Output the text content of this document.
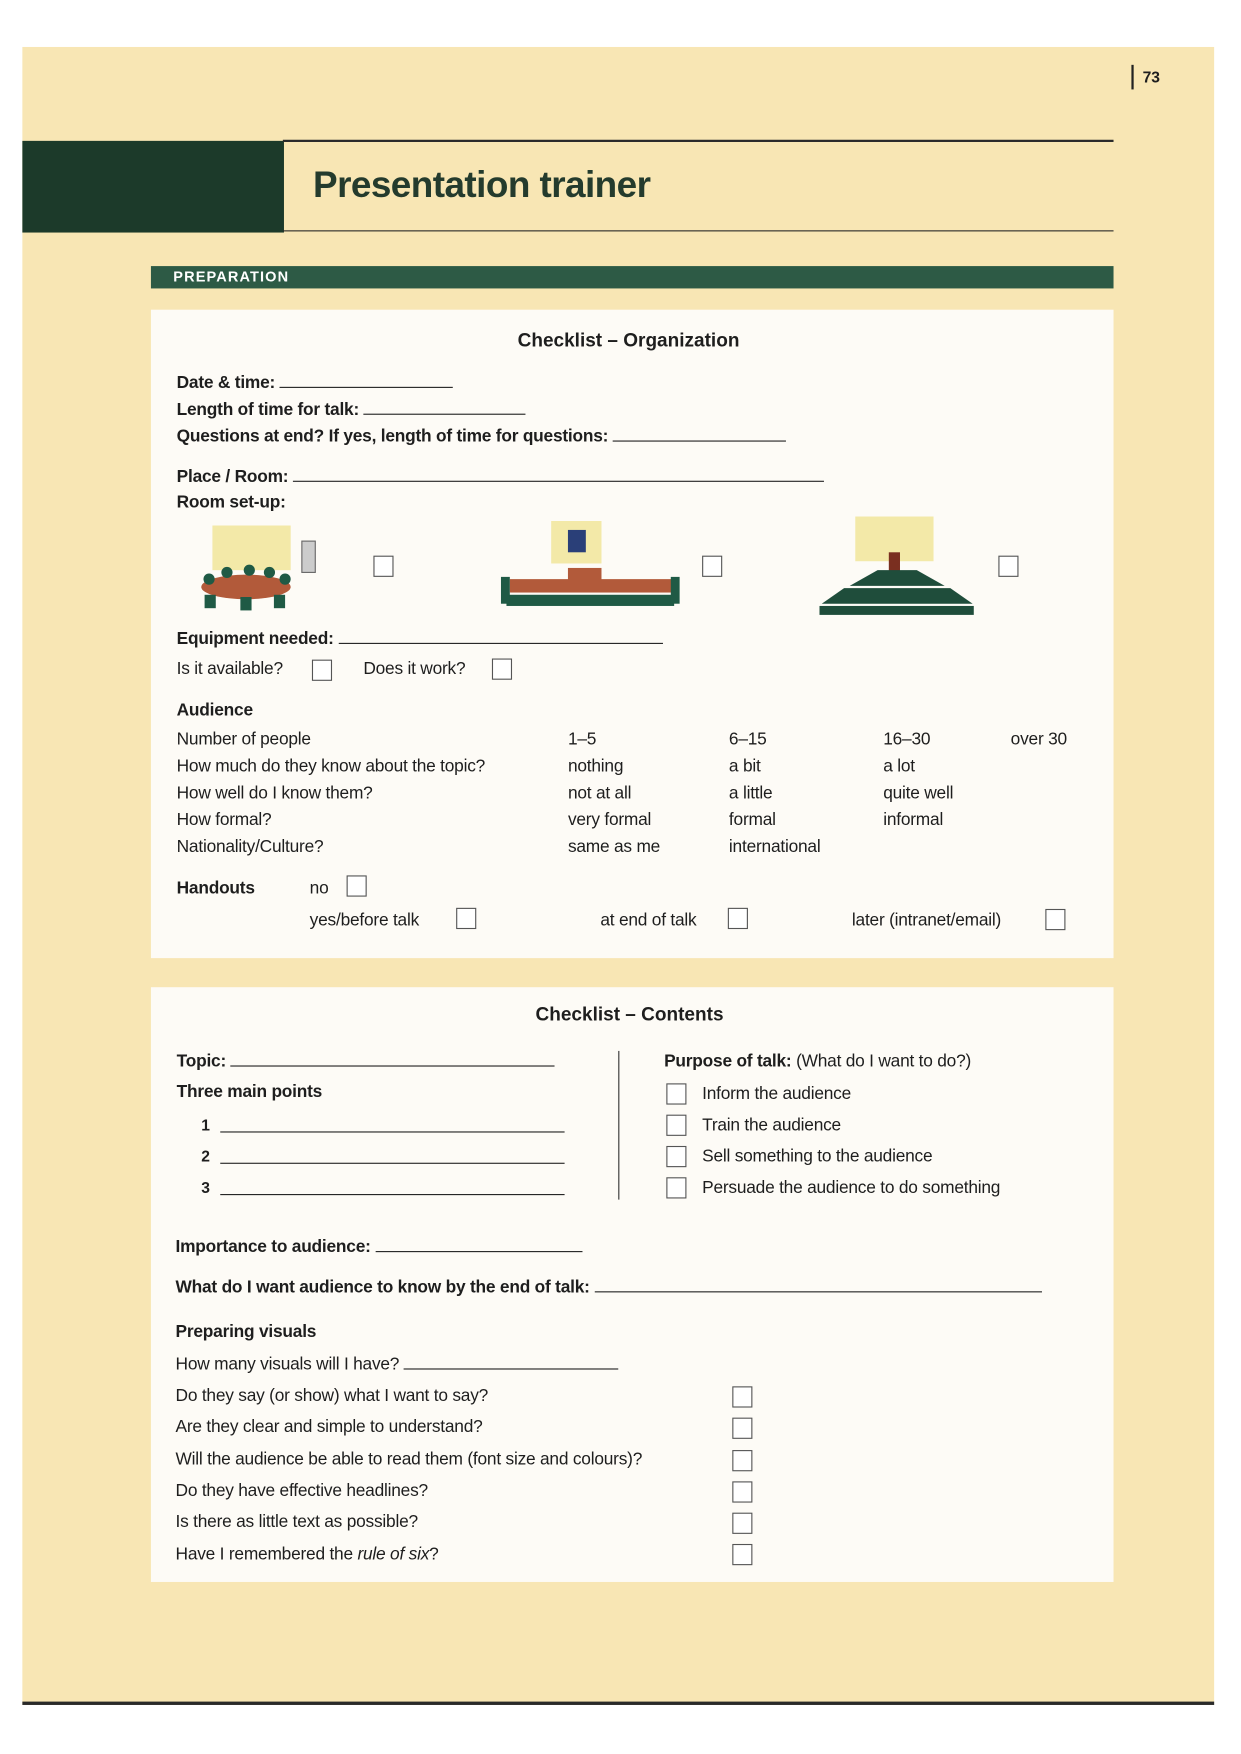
73
Presentation trainer
PREPARATION
Checklist – Organization
Date & time:
Length of time for talk:
Questions at end? If yes, length of time for questions:
Place / Room:
Room set-up:
Equipment needed:
Is it available?	Does it work?
Audience
Handouts	no
yes/before talk	at end of talk	later (intranet/email)
Checklist – Contents
Topic:
Three main points
Purpose of talk: (What do I want to do?)
Importance to audience:
What do I want audience to know by the end of talk:
Preparing visuals
How many visuals will I have?
Have I remembered the rule of six?
Number of people	1–5	6–15	16–30	over 30
How much do they know about the topic?	nothing	a bit	a lot
How well do I know them?	not at all	a little	quite well
How formal?	very formal	formal	informal
Nationality/Culture?	same as me	international
1
2
3
Inform the audience
Train the audience
Sell something to the audience
Persuade the audience to do something
Do they say (or show) what I want to say?
Are they clear and simple to understand?
Will the audience be able to read them (font size and colours)?
Do they have effective headlines?
Is there as little text as possible?
